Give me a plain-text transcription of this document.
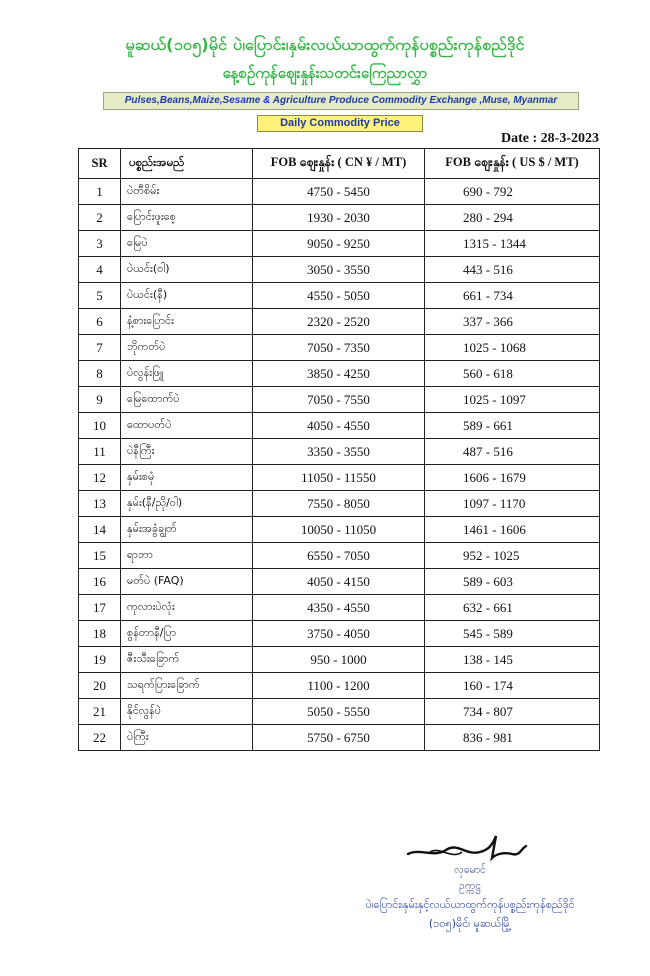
မူဆယ်(၁၀၅)မိုင် ပဲ၊ပြောင်း၊နှမ်းလယ်ယာထွက်ကုန်ပစ္စည်းကုန်စည်ဒိုင်
နေ့စဉ်ကုန်ဈေးနှုန်းသတင်းကြေညာလွှာ
Pulses,Beans,Maize,Sesame & Agriculture Produce Commodity Exchange ,Muse, Myanmar
Daily Commodity Price
Date : 28-3-2023
SR	ပစ္စည်းအမည်	FOB ဈေးနှုန်း ( CN ¥ / MT)	FOB ဈေးနှုန်း ( US $ / MT)
1	ပဲတီစိမ်း	4750 - 5450	690 - 792
2	ပြောင်းဖူးစေ့	1930 - 2030	280 - 294
3	မြေပဲ	9050 - 9250	1315 - 1344
4	ပဲယင်း(ဝါ)	3050 - 3550	443 - 516
5	ပဲယင်း(နီ)	4550 - 5050	661 - 734
6	နံ့စားပြောင်း	2320 - 2520	337 - 366
7	ဘိုကတ်ပဲ	7050 - 7350	1025 - 1068
8	ပဲလွန်းဖြူ	3850 - 4250	560 - 618
9	မြေထောက်ပဲ	7050 - 7550	1025 - 1097
10	ထောပတ်ပဲ	4050 - 4550	589 - 661
11	ပဲနီကြီး	3350 - 3550	487 - 516
12	နှမ်းစမုံ	11050 - 11550	1606 - 1679
13	နှမ်း(နီ/ညို/ဝါ)	7550 - 8050	1097 - 1170
14	နှမ်းအခွံချွတ်	10050 - 11050	1461 - 1606
15	ရာဘာ	6550 - 7050	952 - 1025
16	မတ်ပဲ (FAQ)	4050 - 4150	589 - 603
17	ကုလားပဲလုံး	4350 - 4550	632 - 661
18	စွန်တာနီ/ပြာ	3750 - 4050	545 - 589
19	ဇီးသီးခြောက်	950 - 1000	138 - 145
20	သရက်ပြားခြောက်	1100 - 1200	160 - 174
21	နိုင်လွန်ပဲ	5050 - 5550	734 - 807
22	ပဲကြီး	5750 - 6750	836 - 981
လှမောင်
ဥက္ကဋ္ဌ
ပဲ၊ပြောင်း၊နှမ်းနှင့်လယ်ယာထွက်ကုန်ပစ္စည်းကုန်စည်ဒိုင်
(၁၀၅)မိုင်၊ မူဆယ်မြို့
